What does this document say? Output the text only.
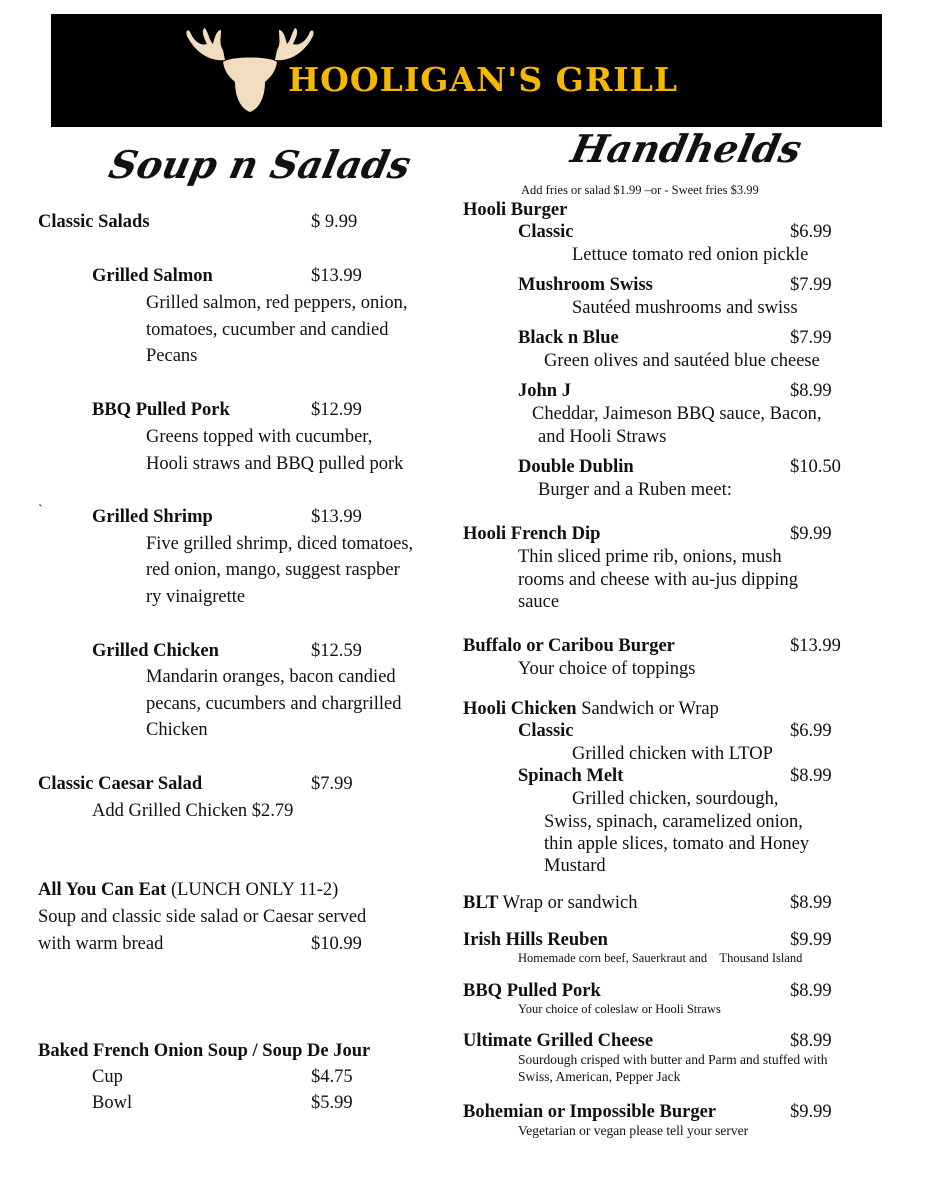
HOOLIGAN'S GRILL
Soup n Salads	Handhelds
Classic Salads	$ 9.99
Grilled Salmon	$13.99
Grilled salmon, red peppers, onion,
tomatoes, cucumber and candied
Pecans
BBQ Pulled Pork	$12.99
Greens topped with cucumber,
Hooli straws and BBQ pulled pork
`	Grilled Shrimp	$13.99
Five grilled shrimp, diced tomatoes,
red onion, mango, suggest raspber
ry vinaigrette
Grilled Chicken	$12.59
Mandarin oranges, bacon candied
pecans, cucumbers and chargrilled
Chicken
Classic Caesar Salad	$7.99
Add Grilled Chicken $2.79
All You Can Eat (LUNCH ONLY 11-2)
Soup and classic side salad or Caesar served
with warm bread	$10.99
Baked French Onion Soup / Soup De Jour
Cup	$4.75
Bowl	$5.99
Add fries or salad $1.99 –or - Sweet fries $3.99
Hooli Burger
Classic	$6.99
Lettuce tomato red onion pickle
Mushroom Swiss	$7.99
Sautéed mushrooms and swiss
Black n Blue	$7.99
Green olives and sautéed blue cheese
John J	$8.99
Cheddar, Jaimeson BBQ sauce, Bacon,
and Hooli Straws
Double Dublin	$10.50
Burger and a Ruben meet:
Hooli French Dip	$9.99
Thin sliced prime rib, onions, mush
rooms and cheese with au-jus dipping
sauce
Buffalo or Caribou Burger	$13.99
Your choice of toppings
Hooli Chicken Sandwich or Wrap
Classic	$6.99
Grilled chicken with LTOP
Spinach Melt	$8.99
Grilled chicken, sourdough,
Swiss, spinach, caramelized onion,
thin apple slices, tomato and Honey
Mustard
BLT Wrap or sandwich	$8.99
Irish Hills Reuben	$9.99
Homemade corn beef, Sauerkraut and    Thousand Island
BBQ Pulled Pork	$8.99
Your choice of coleslaw or Hooli Straws
Ultimate Grilled Cheese	$8.99
Sourdough crisped with butter and Parm and stuffed with
Swiss, American, Pepper Jack
Bohemian or Impossible Burger	$9.99
Vegetarian or vegan please tell your server
